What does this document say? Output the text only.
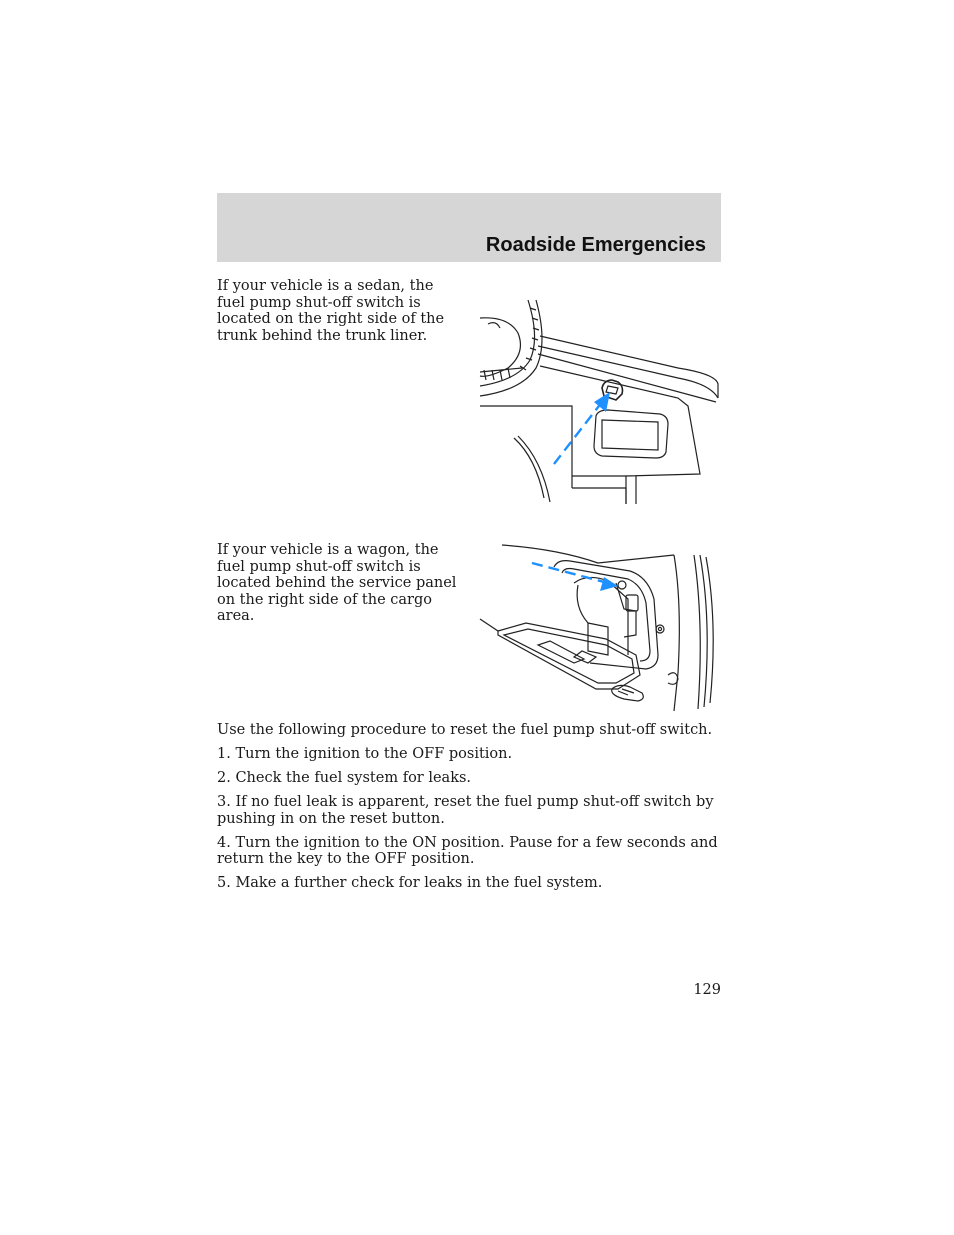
Roadside Emergencies

If your vehicle is a sedan, the fuel pump shut-off switch is located on the right side of the trunk behind the trunk liner.

If your vehicle is a wagon, the fuel pump shut-off switch is located behind the service panel on the right side of the cargo area.

Use the following procedure to reset the fuel pump shut-off switch.

1. Turn the ignition to the OFF position.

2. Check the fuel system for leaks.

3. If no fuel leak is apparent, reset the fuel pump shut-off switch by pushing in on the reset button.

4. Turn the ignition to the ON position. Pause for a few seconds and return the key to the OFF position.

5. Make a further check for leaks in the fuel system.

129
